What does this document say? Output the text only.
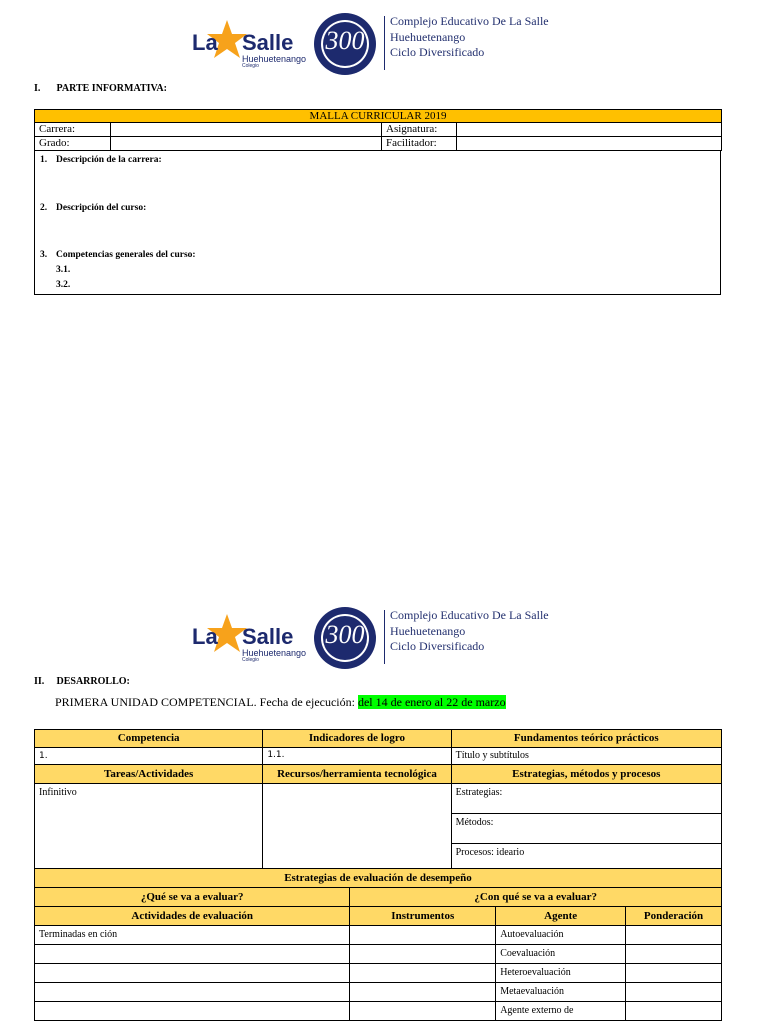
La Salle
Huehuetenango
Colegio
300
Complejo Educativo De La Salle
Huehuetenango
Ciclo Diversificado
I. PARTE INFORMATIVA:
MALLA CURRICULAR 2019			
Carrera:		Asignatura:	
Grado:		Facilitador:	
1. Descripción de la carrera:
2. Descripción del curso:
3. Competencias generales del curso:
3.1.
3.2.
La Salle
Huehuetenango
Colegio
300
Complejo Educativo De La Salle
Huehuetenango
Ciclo Diversificado
II. DESARROLLO:
PRIMERA UNIDAD COMPETENCIAL. Fecha de ejecución: del 14 de enero al 22 de marzo
Competencia	Indicadores de logro	Fundamentos teórico prácticos
1.	1.1.	Título y subtítulos
Tareas/Actividades	Recursos/herramienta tecnológica	Estrategias, métodos y procesos
Infinitivo		Estrategias:
		Métodos:
		Procesos: ideario
Estrategias de evaluación de desempeño			
¿Qué se va a evaluar?	¿Con qué se va a evaluar?		
Actividades de evaluación	Instrumentos	Agente	Ponderación
Terminadas en ción		Autoevaluación	
		Coevaluación	
		Heteroevaluación	
		Metaevaluación	
		Agente externo de	
